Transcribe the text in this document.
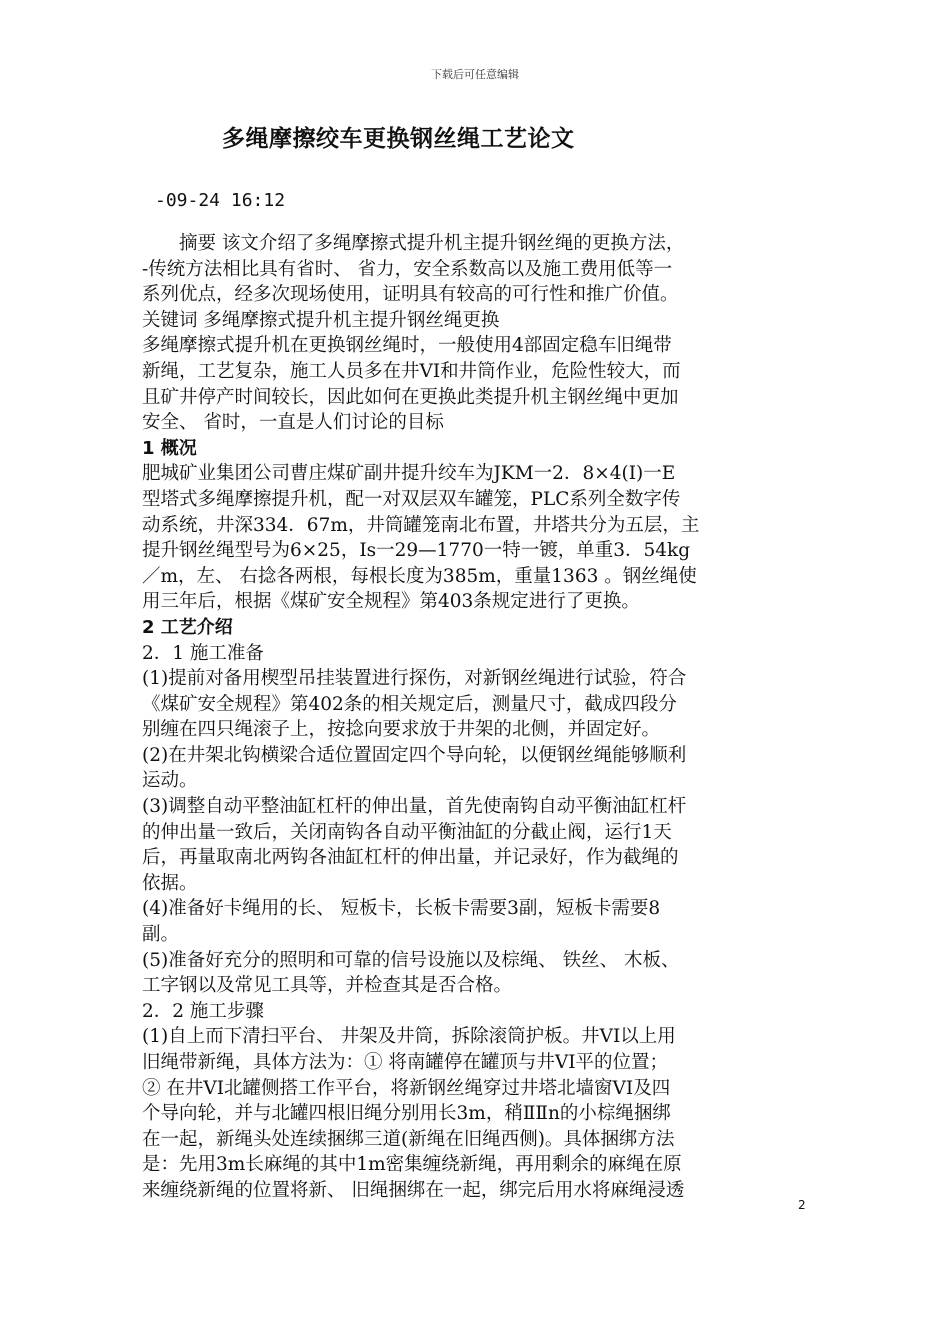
下载后可任意编辑
多绳摩擦绞车更换钢丝绳工艺论文
-09-24 16:12
　　摘要 该文介绍了多绳摩擦式提升机主提升钢丝绳的更换方法，
-传统方法相比具有省时、 省力，安全系数高以及施工费用低等一
系列优点，经多次现场使用，证明具有较高的可行性和推广价值。
关键词 多绳摩擦式提升机主提升钢丝绳更换
多绳摩擦式提升机在更换钢丝绳时，一般使用4部固定稳车旧绳带
新绳，工艺复杂，施工人员多在井VI和井筒作业，危险性较大，而
且矿井停产时间较长，因此如何在更换此类提升机主钢丝绳中更加
安全、 省时，一直是人们讨论的目标
1 概况
肥城矿业集团公司曹庄煤矿副井提升绞车为JKM一2．8×4(I)一E
型塔式多绳摩擦提升机，配一对双层双车罐笼，PLC系列全数字传
动系统，井深334．67m，井筒罐笼南北布置，井塔共分为五层，主
提升钢丝绳型号为6×25，Is一29—1770一特一镀，单重3．54kg
／m，左、 右捻各两根，每根长度为385m，重量1363 。钢丝绳使
用三年后，根据《煤矿安全规程》第403条规定进行了更换。
2 工艺介绍
2．1 施工准备
(1)提前对备用楔型吊挂装置进行探伤，对新钢丝绳进行试验，符合
《煤矿安全规程》第402条的相关规定后，测量尺寸，截成四段分
别缠在四只绳滚子上，按捻向要求放于井架的北侧，并固定好。
(2)在井架北钩横梁合适位置固定四个导向轮，以便钢丝绳能够顺利
运动。
(3)调整自动平整油缸杠杆的伸出量，首先使南钩自动平衡油缸杠杆
的伸出量一致后，关闭南钩各自动平衡油缸的分截止阀，运行1天
后，再量取南北两钩各油缸杠杆的伸出量，并记录好，作为截绳的
依据。
(4)准备好卡绳用的长、 短板卡，长板卡需要3副，短板卡需要8
副。
(5)准备好充分的照明和可靠的信号设施以及棕绳、 铁丝、 木板、
工字钢以及常见工具等，并检查其是否合格。
2．2 施工步骤
(1)自上而下清扫平台、 井架及井筒，拆除滚筒护板。井VI以上用
旧绳带新绳，具体方法为：① 将南罐停在罐顶与井VI平的位置；
② 在井VI北罐侧搭工作平台，将新钢丝绳穿过井塔北墙窗VI及四
个导向轮，并与北罐四根旧绳分别用长3m，稍ⅡⅡn的小棕绳捆绑
在一起，新绳头处连续捆绑三道(新绳在旧绳西侧)。具体捆绑方法
是：先用3m长麻绳的其中1m密集缠绕新绳，再用剩余的麻绳在原
来缠绕新绳的位置将新、 旧绳捆绑在一起，绑完后用水将麻绳浸透
2
